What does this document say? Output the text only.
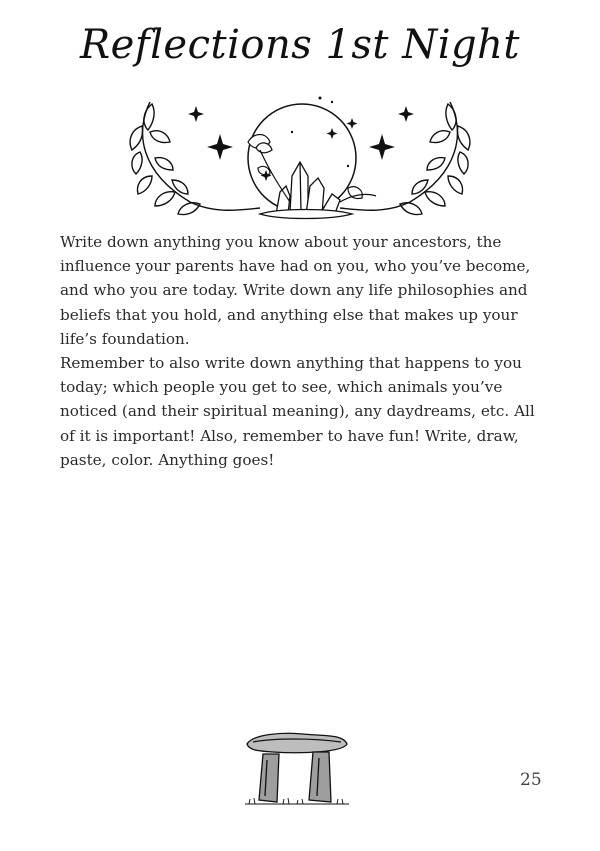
Reflections 1st Night

Write down anything you know about your ancestors, the influence your parents have had on you, who you’ve become, and who you are today. Write down any life philosophies and beliefs that you hold, and anything else that makes up your life’s foundation.

Remember to also write down anything that happens to you today; which people you get to see, which animals you’ve noticed (and their spiritual meaning), any daydreams, etc. All of it is important! Also, remember to have fun! Write, draw, paste, color. Anything goes!

25
